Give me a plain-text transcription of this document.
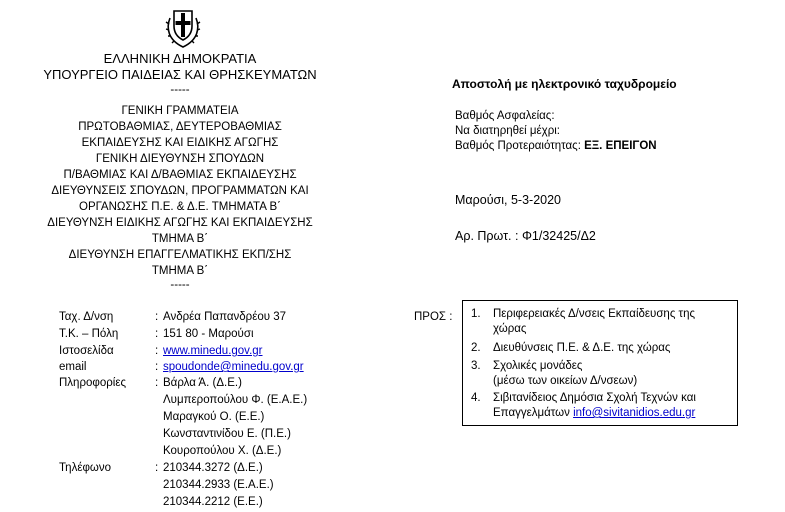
ΕΛΛΗΝΙΚΗ ΔΗΜΟΚΡΑΤΙΑ
ΥΠΟΥΡΓΕΙΟ ΠΑΙΔΕΙΑΣ ΚΑΙ ΘΡΗΣΚΕΥΜΑΤΩΝ
-----
ΓΕΝΙΚΗ ΓΡΑΜΜΑΤΕΙΑ
ΠΡΩΤΟΒΑΘΜΙΑΣ, ΔΕΥΤΕΡΟΒΑΘΜΙΑΣ
ΕΚΠΑΙΔΕΥΣΗΣ ΚΑΙ ΕΙΔΙΚΗΣ ΑΓΩΓΗΣ
ΓΕΝΙΚΗ ΔΙΕΥΘΥΝΣΗ ΣΠΟΥΔΩΝ
Π/ΒΑΘΜΙΑΣ ΚΑΙ Δ/ΒΑΘΜΙΑΣ ΕΚΠΑΙΔΕΥΣΗΣ
ΔΙΕΥΘΥΝΣΕΙΣ ΣΠΟΥΔΩΝ, ΠΡΟΓΡΑΜΜΑΤΩΝ ΚΑΙ
ΟΡΓΑΝΩΣΗΣ Π.Ε. & Δ.Ε. ΤΜΗΜΑΤΑ Β΄
ΔΙΕΥΘΥΝΣΗ ΕΙΔΙΚΗΣ ΑΓΩΓΗΣ ΚΑΙ ΕΚΠΑΙΔΕΥΣΗΣ
ΤΜΗΜΑ Β΄
ΔΙΕΥΘΥΝΣΗ ΕΠΑΓΓΕΛΜΑΤΙΚΗΣ ΕΚΠ/ΣΗΣ
ΤΜΗΜΑ Β΄
-----
Ταχ. Δ/νση	: Ανδρέα Παπανδρέου 37
Τ.Κ. – Πόλη	: 151 80 - Μαρούσι
Ιστοσελίδα	: www.minedu.gov.gr
email	: spoudonde@minedu.gov.gr
Πληροφορίες	: Βάρλα Ά. (Δ.Ε.)
Λυμπεροπούλου Φ. (Ε.Α.Ε.)
Μαραγκού Ο. (Ε.Ε.)
Κωνσταντινίδου Ε. (Π.Ε.)
Κουροπούλου Χ. (Δ.Ε.)
Τηλέφωνο	: 210344.3272 (Δ.Ε.)
210344.2933 (Ε.Α.Ε.)
210344.2212 (Ε.Ε.)
Αποστολή με ηλεκτρονικό ταχυδρομείο
Βαθμός Ασφαλείας:
Να διατηρηθεί μέχρι:
Βαθμός Προτεραιότητας: ΕΞ. ΕΠΕΙΓΟΝ
Μαρούσι, 5-3-2020
Αρ. Πρωτ. : Φ1/32425/Δ2
ΠΡΟΣ : 1.	Περιφερειακές Δ/νσεις Εκπαίδευσης της
χώρας
2.	Διευθύνσεις Π.Ε. & Δ.Ε. της χώρας
3.	Σχολικές μονάδες
(μέσω των οικείων Δ/νσεων)
4.	Σιβιτανίδειος Δημόσια Σχολή Τεχνών και
Επαγγελμάτων info@sivitanidios.edu.gr
